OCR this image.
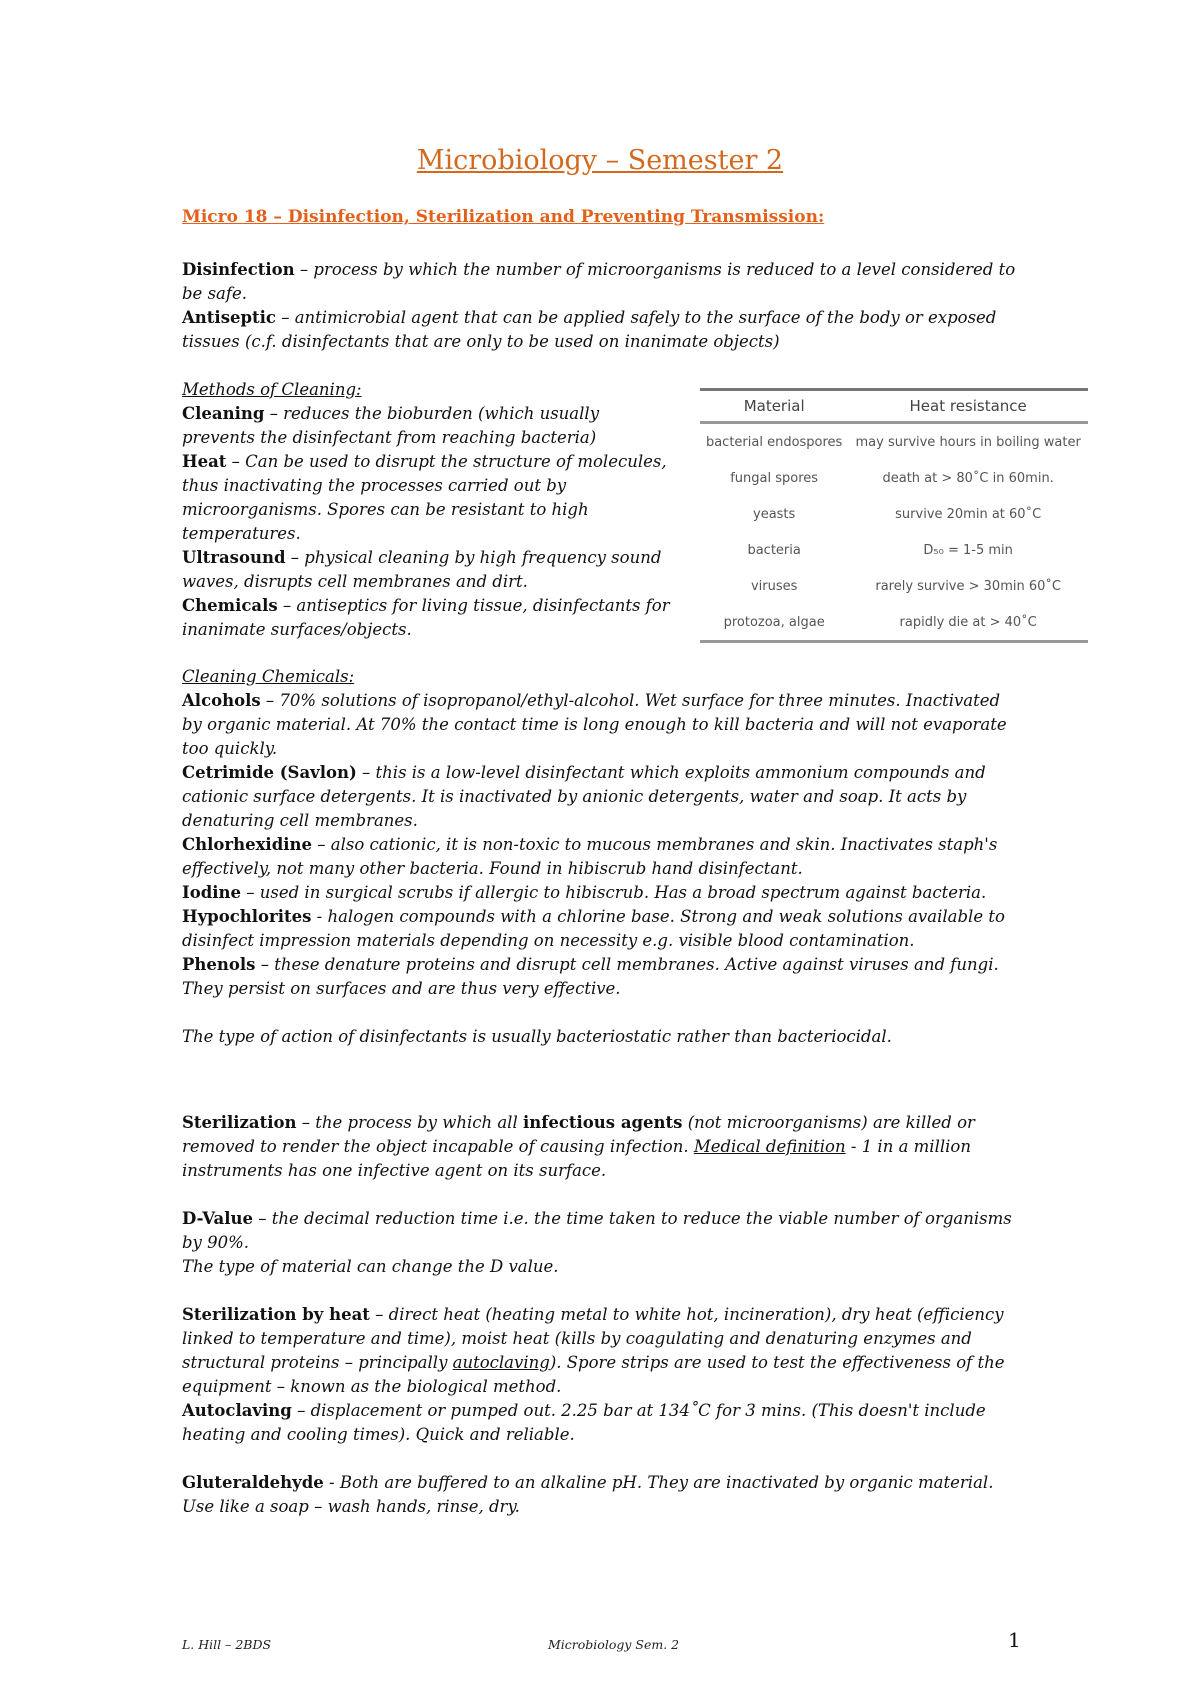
Microbiology – Semester 2
Micro 18 – Disinfection, Sterilization and Preventing Transmission:

Disinfection – process by which the number of microorganisms is reduced to a level considered to be safe.

Antiseptic – antimicrobial agent that can be applied safely to the surface of the body or exposed tissues (c.f. disinfectants that are only to be used on inanimate objects)

Methods of Cleaning:

Cleaning – reduces the bioburden (which usually prevents the disinfectant from reaching bacteria)

Heat – Can be used to disrupt the structure of molecules, thus inactivating the processes carried out by microorganisms. Spores can be resistant to high temperatures.

Ultrasound – physical cleaning by high frequency sound waves, disrupts cell membranes and dirt.

Chemicals – antiseptics for living tissue, disinfectants for inanimate surfaces/objects.

Material	Heat resistance
bacterial endospores	may survive hours in boiling water
fungal spores	death at > 80˚C in 60min.
yeasts	survive 20min at 60˚C
bacteria	D₅₀ = 1-5 min
viruses	rarely survive > 30min 60˚C
protozoa, algae	rapidly die at > 40˚C

Cleaning Chemicals:

Alcohols – 70% solutions of isopropanol/ethyl-alcohol. Wet surface for three minutes. Inactivated by organic material. At 70% the contact time is long enough to kill bacteria and will not evaporate too quickly.

Cetrimide (Savlon) – this is a low-level disinfectant which exploits ammonium compounds and cationic surface detergents. It is inactivated by anionic detergents, water and soap. It acts by denaturing cell membranes.

Chlorhexidine – also cationic, it is non-toxic to mucous membranes and skin. Inactivates staph's effectively, not many other bacteria. Found in hibiscrub hand disinfectant.

Iodine – used in surgical scrubs if allergic to hibiscrub. Has a broad spectrum against bacteria.

Hypochlorites - halogen compounds with a chlorine base. Strong and weak solutions available to disinfect impression materials depending on necessity e.g. visible blood contamination.

Phenols – these denature proteins and disrupt cell membranes. Active against viruses and fungi. They persist on surfaces and are thus very effective.

The type of action of disinfectants is usually bacteriostatic rather than bacteriocidal.

Sterilization – the process by which all infectious agents (not microorganisms) are killed or removed to render the object incapable of causing infection. Medical definition - 1 in a million instruments has one infective agent on its surface.

D-Value – the decimal reduction time i.e. the time taken to reduce the viable number of organisms by 90%.

The type of material can change the D value.

Sterilization by heat – direct heat (heating metal to white hot, incineration), dry heat (efficiency linked to temperature and time), moist heat (kills by coagulating and denaturing enzymes and structural proteins – principally autoclaving). Spore strips are used to test the effectiveness of the equipment – known as the biological method.

Autoclaving – displacement or pumped out. 2.25 bar at 134˚C for 3 mins. (This doesn't include heating and cooling times). Quick and reliable.

Gluteraldehyde - Both are buffered to an alkaline pH. They are inactivated by organic material. Use like a soap – wash hands, rinse, dry.

L. Hill – 2BDS	Microbiology Sem. 2	1
